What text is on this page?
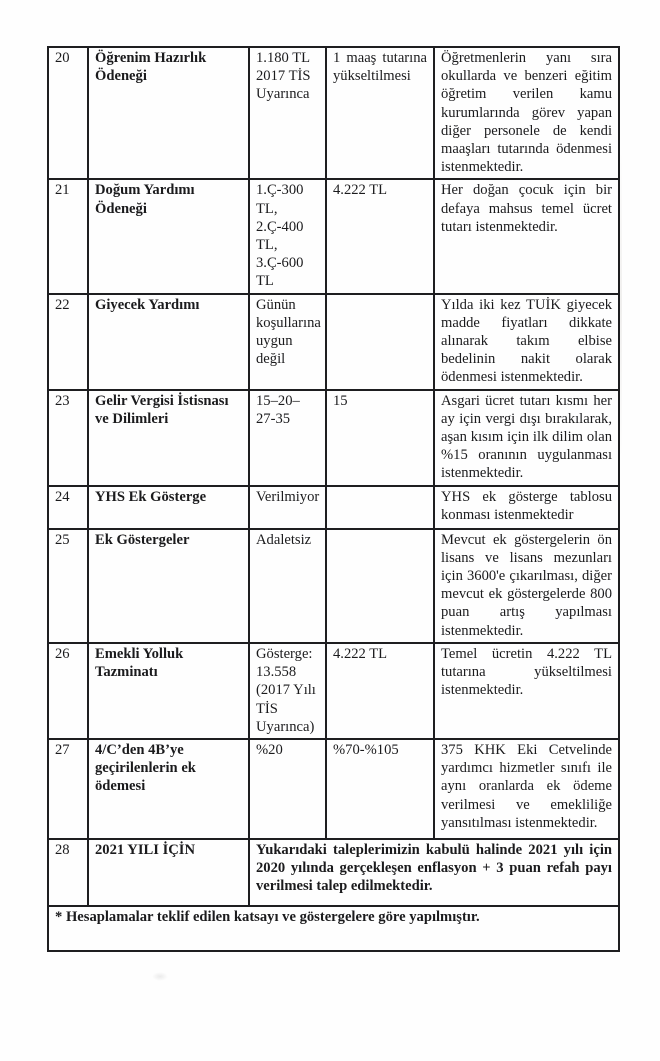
20	Öğrenim Hazırlık Ödeneği	1.180 TL 2017 TİS Uyarınca	1 maaş tutarına yükseltilmesi	Öğretmenlerin yanı sıra okullarda ve benzeri eğitim öğretim verilen kamu kurumlarında görev yapan diğer personele de kendi maaşları tutarında ödenmesi istenmektedir.
21	Doğum Yardımı Ödeneği	1.Ç-300 TL, 2.Ç-400 TL, 3.Ç-600 TL	4.222 TL	Her doğan çocuk için bir defaya mahsus temel ücret tutarı istenmektedir.
22	Giyecek Yardımı	Günün koşullarına uygun değil		Yılda iki kez TUİK giyecek madde fiyatları dikkate alınarak takım elbise bedelinin nakit olarak ödenmesi istenmektedir.
23	Gelir Vergisi İstisnası ve Dilimleri	15–20–27-35	15	Asgari ücret tutarı kısmı her ay için vergi dışı bırakılarak, aşan kısım için ilk dilim olan %15 oranının uygulanması istenmektedir.
24	YHS Ek Gösterge	Verilmiyor		YHS ek gösterge tablosu konması istenmektedir
25	Ek Göstergeler	Adaletsiz		Mevcut ek göstergelerin ön lisans ve lisans mezunları için 3600'e çıkarılması, diğer mevcut ek göstergelerde 800 puan artış yapılması istenmektedir.
26	Emekli Yolluk Tazminatı	Gösterge: 13.558 (2017 Yılı TİS Uyarınca)	4.222 TL	Temel ücretin 4.222 TL tutarına yükseltilmesi istenmektedir.
27	4/C’den 4B’ye geçirilenlerin ek ödemesi	%20	%70-%105	375 KHK Eki Cetvelinde yardımcı hizmetler sınıfı ile aynı oranlarda ek ödeme verilmesi ve emekliliğe yansıtılması istenmektedir.
28	2021 YILI İÇİN	Yukarıdaki taleplerimizin kabulü halinde 2021 yılı için 2020 yılında gerçekleşen enflasyon + 3 puan refah payı verilmesi talep edilmektedir.		
* Hesaplamalar teklif edilen katsayı ve göstergelere göre yapılmıştır.				
